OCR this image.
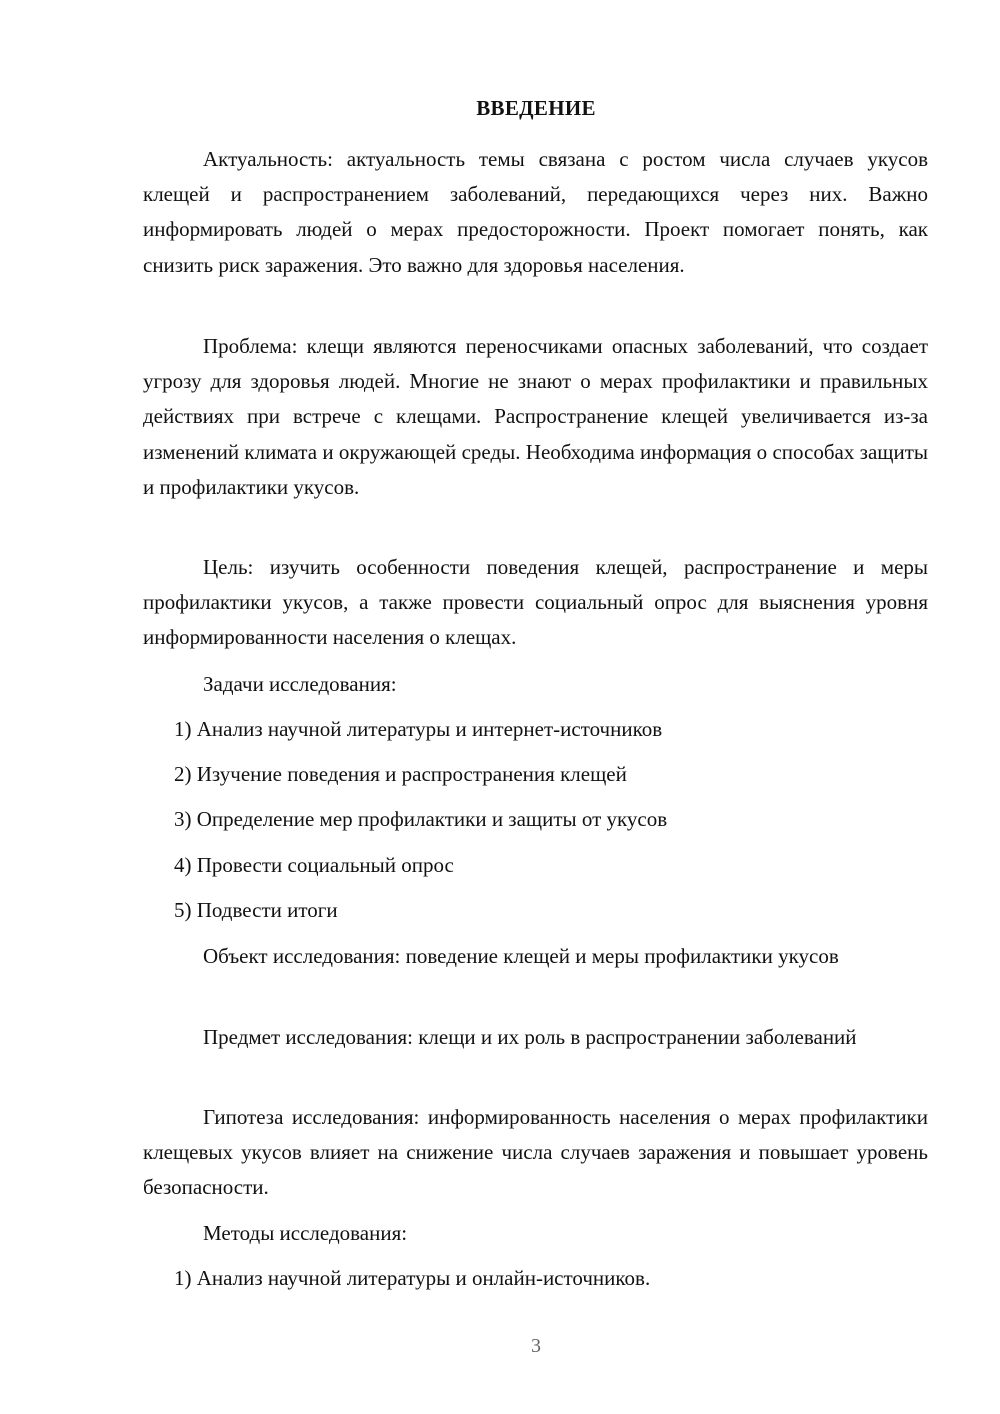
ВВЕДЕНИЕ

Актуальность: актуальность темы связана с ростом числа случаев укусов клещей и распространением заболеваний, передающихся через них. Важно информировать людей о мерах предосторожности. Проект помогает понять, как снизить риск заражения. Это важно для здоровья населения.

Проблема: клещи являются переносчиками опасных заболеваний, что создает угрозу для здоровья людей. Многие не знают о мерах профилактики и правильных действиях при встрече с клещами. Распространение клещей увеличивается из-за изменений климата и окружающей среды. Необходима информация о способах защиты и профилактики укусов.

Цель: изучить особенности поведения клещей, распространение и меры профилактики укусов, а также провести социальный опрос для выяснения уровня информированности населения о клещах.

Задачи исследования:

1) Анализ научной литературы и интернет-источников

2) Изучение поведения и распространения клещей

3) Определение мер профилактики и защиты от укусов

4) Провести социальный опрос

5) Подвести итоги

Объект исследования: поведение клещей и меры профилактики укусов

Предмет исследования: клещи и их роль в распространении заболеваний

Гипотеза исследования: информированность населения о мерах профилактики клещевых укусов влияет на снижение числа случаев заражения и повышает уровень безопасности.

Методы исследования:

1) Анализ научной литературы и онлайн-источников.

3
